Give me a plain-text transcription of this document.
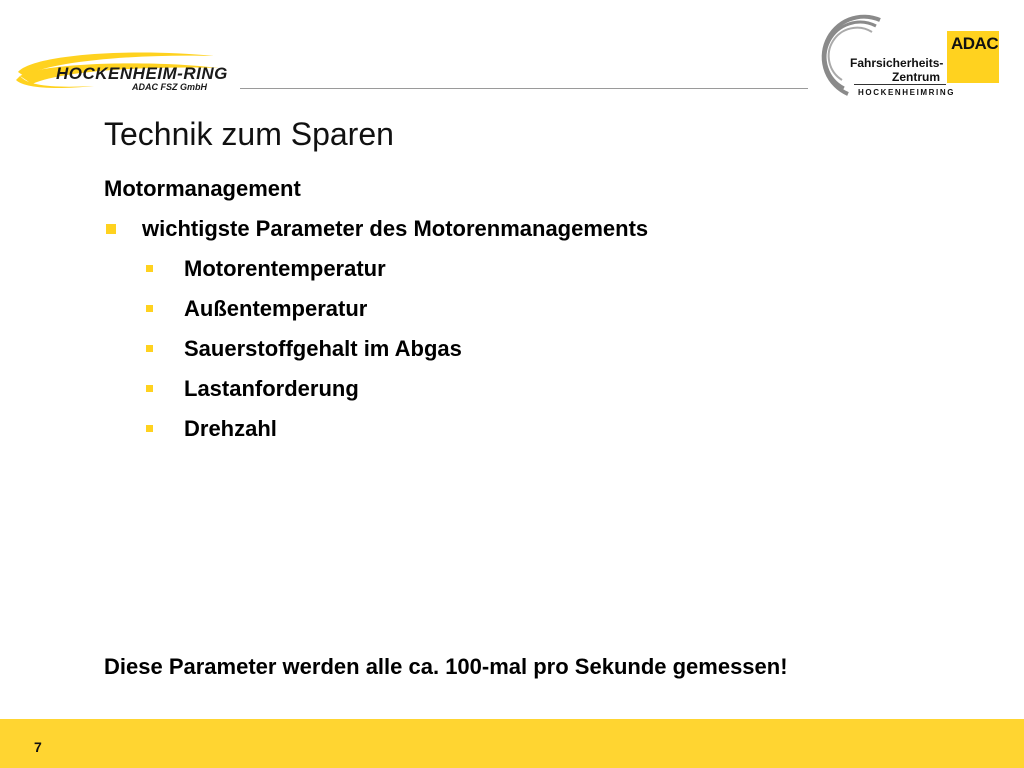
HOCKENHEIM-RING
ADAC FSZ GmbH
Fahrsicherheits-
Zentrum
HOCKENHEIMRING
ADAC
Technik zum Sparen
Motormanagement
wichtigste Parameter des Motorenmanagements
Motorentemperatur
Außentemperatur
Sauerstoffgehalt im Abgas
Lastanforderung
Drehzahl
Diese Parameter werden alle ca. 100-mal pro Sekunde gemessen!
7
